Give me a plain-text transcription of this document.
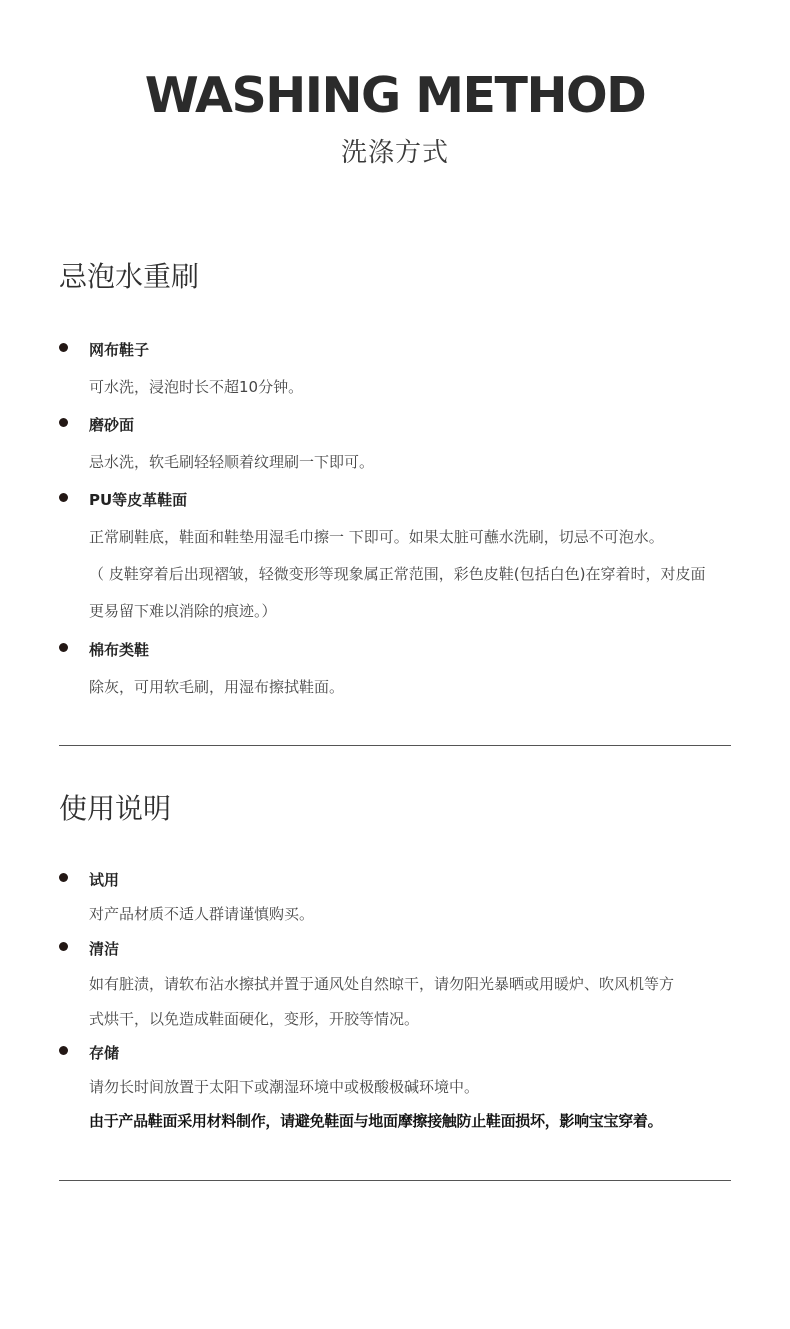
WASHING METHOD
洗涤方式
忌泡水重刷
网布鞋子
可水洗，浸泡时长不超10分钟。
磨砂面
忌水洗，软毛刷轻轻顺着纹理刷一下即可。
PU等皮革鞋面
正常刷鞋底，鞋面和鞋垫用湿毛巾擦一 下即可。如果太脏可蘸水洗刷，切忌不可泡水。
（ 皮鞋穿着后出现褶皱，轻微变形等现象属正常范围，彩色皮鞋(包括白色)在穿着时，对皮面
更易留下难以消除的痕迹。）
棉布类鞋
除灰，可用软毛刷，用湿布擦拭鞋面。
使用说明
试用
对产品材质不适人群请谨慎购买。
清洁
如有脏渍，请软布沾水擦拭并置于通风处自然晾干，请勿阳光暴晒或用暖炉、吹风机等方
式烘干，以免造成鞋面硬化，变形，开胶等情况。
存储
请勿长时间放置于太阳下或潮湿环境中或极酸极碱环境中。
由于产品鞋面采用材料制作，请避免鞋面与地面摩擦接触防止鞋面损坏，影响宝宝穿着。
